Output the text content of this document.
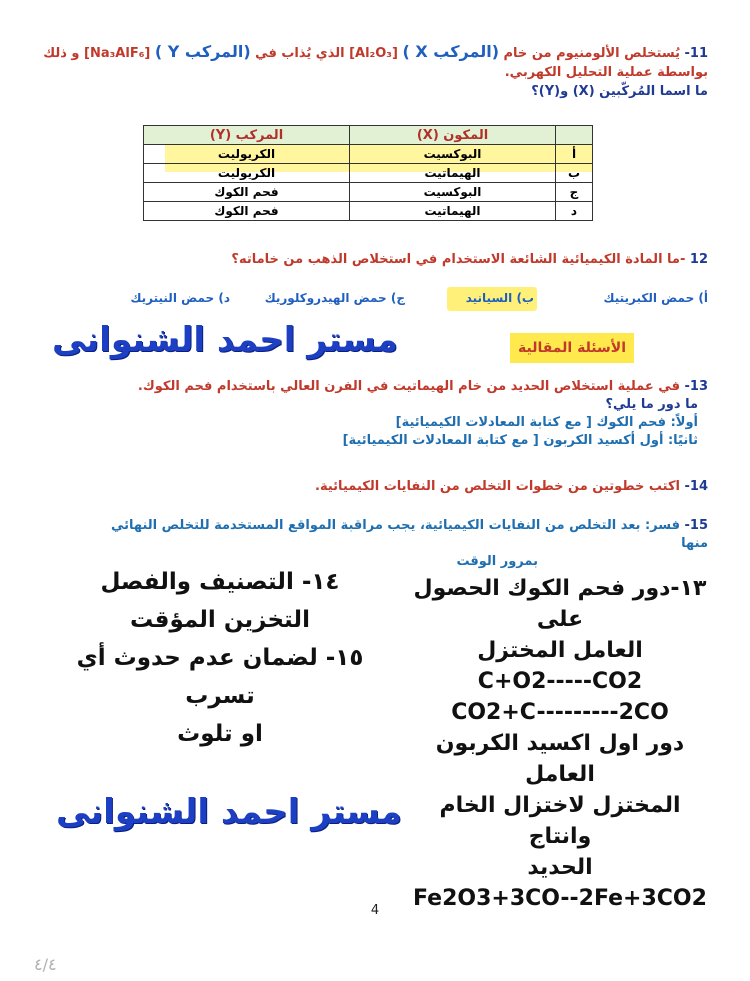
11- يُستخلص الألومنيوم من خام (المركب X ) [Al₂O₃] الذي يُذاب في (المركب Y ) [Na₃AlF₆] و ذلك
بواسطة عملية التحليل الكهربي.
ما اسما المُركّبين (X) و(Y)؟
	المكون (X)	المركب (Y)
أ	البوكسيت	الكريوليت
ب	الهيماتيت	الكريوليت
ج	البوكسيت	فحم الكوك
د	الهيماتيت	فحم الكوك
12 -ما المادة الكيميائية الشائعة الاستخدام في استخلاص الذهب من خاماته؟
أ) حمض الكبريتيك
ب) السيانيد
ج) حمض الهيدروكلوريك
د) حمض النيتريك
مستر احمد الشنوانى	الأسئلة المقالية
13- في عملية استخلاص الحديد من خام الهيماتيت في الفرن العالي باستخدام فحم الكوك.
ما دور ما يلي؟
أولاً: فحم الكوك [ مع كتابة المعادلات الكيميائية]
ثانيًا: أول أكسيد الكربون [ مع كتابة المعادلات الكيميائية]
14- اكتب خطوتين من خطوات التخلص من النفايات الكيميائية.
15- فسر: بعد التخلص من النفايات الكيميائية، يجب مراقبة المواقع المستخدمة للتخلص النهائي منها
بمرور الوقت
١٣-دور فحم الكوك الحصول على
العامل المختزل
C+O2-----CO2
CO2+C---------2CO
دور اول اكسيد الكربون العامل
المختزل لاختزال الخام وانتاج
الحديد
Fe2O3+3CO--2Fe+3CO2
١٤- التصنيف والفصل
التخزين المؤقت
١٥- لضمان عدم حدوث أي تسرب
او تلوث
مستر احمد الشنوانى
4
٤/٤
